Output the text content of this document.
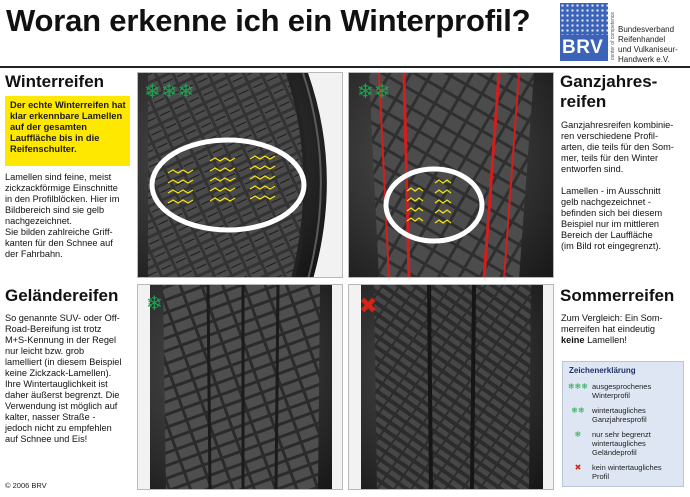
Woran erkenne ich ein Winterprofil?
BRV center of competence Bundesverband
Reifenhandel
und Vulkaniseur-
Handwerk e.V.
Winterreifen
Der echte Winterreifen hat klar erkennbare Lamellen auf der gesamten Lauffläche bis in die Reifenschulter.
Lamellen sind feine, meist
zickzackförmige Einschnitte
in den Profilblöcken. Hier im
Bildbereich sind sie gelb
nachgezeichnet.
Sie bilden zahlreiche Griff-
kanten für den Schnee auf
der Fahrbahn.
❄❄❄	❄❄	Ganzjahres-
reifen
Ganzjahresreifen kombinie-
ren verschiedene Profil-
arten, die teils für den Som-
mer, teils für den Winter
entworfen sind.
Lamellen - im Ausschnitt
gelb nachgezeichnet -
befinden sich bei diesem
Beispiel nur im mittleren
Bereich der Lauffläche
(im Bild rot eingegrenzt).
Geländereifen
So genannte SUV- oder Off-
Road-Bereifung ist trotz
M+S-Kennung in der Regel
nur leicht bzw. grob
lamelliert (in diesem Beispiel
keine Zickzack-Lamellen).
Ihre Wintertauglichkeit ist
daher äußerst begrenzt. Die
Verwendung ist möglich auf
kalter, nasser Straße -
jedoch nicht zu empfehlen
auf Schnee und Eis!
❄	✖	Sommerreifen
Zum Vergleich: Ein Som-
merreifen hat eindeutig
keine Lamellen!
Zeichenerklärung
❄❄❄ ausgesprochenes
Winterprofil
❄❄ wintertaugliches
Ganzjahresprofil
❄	nur sehr begrenzt
wintertaugliches
Geländeprofil
✖	kein wintertaugliches
Profil
© 2006 BRV
